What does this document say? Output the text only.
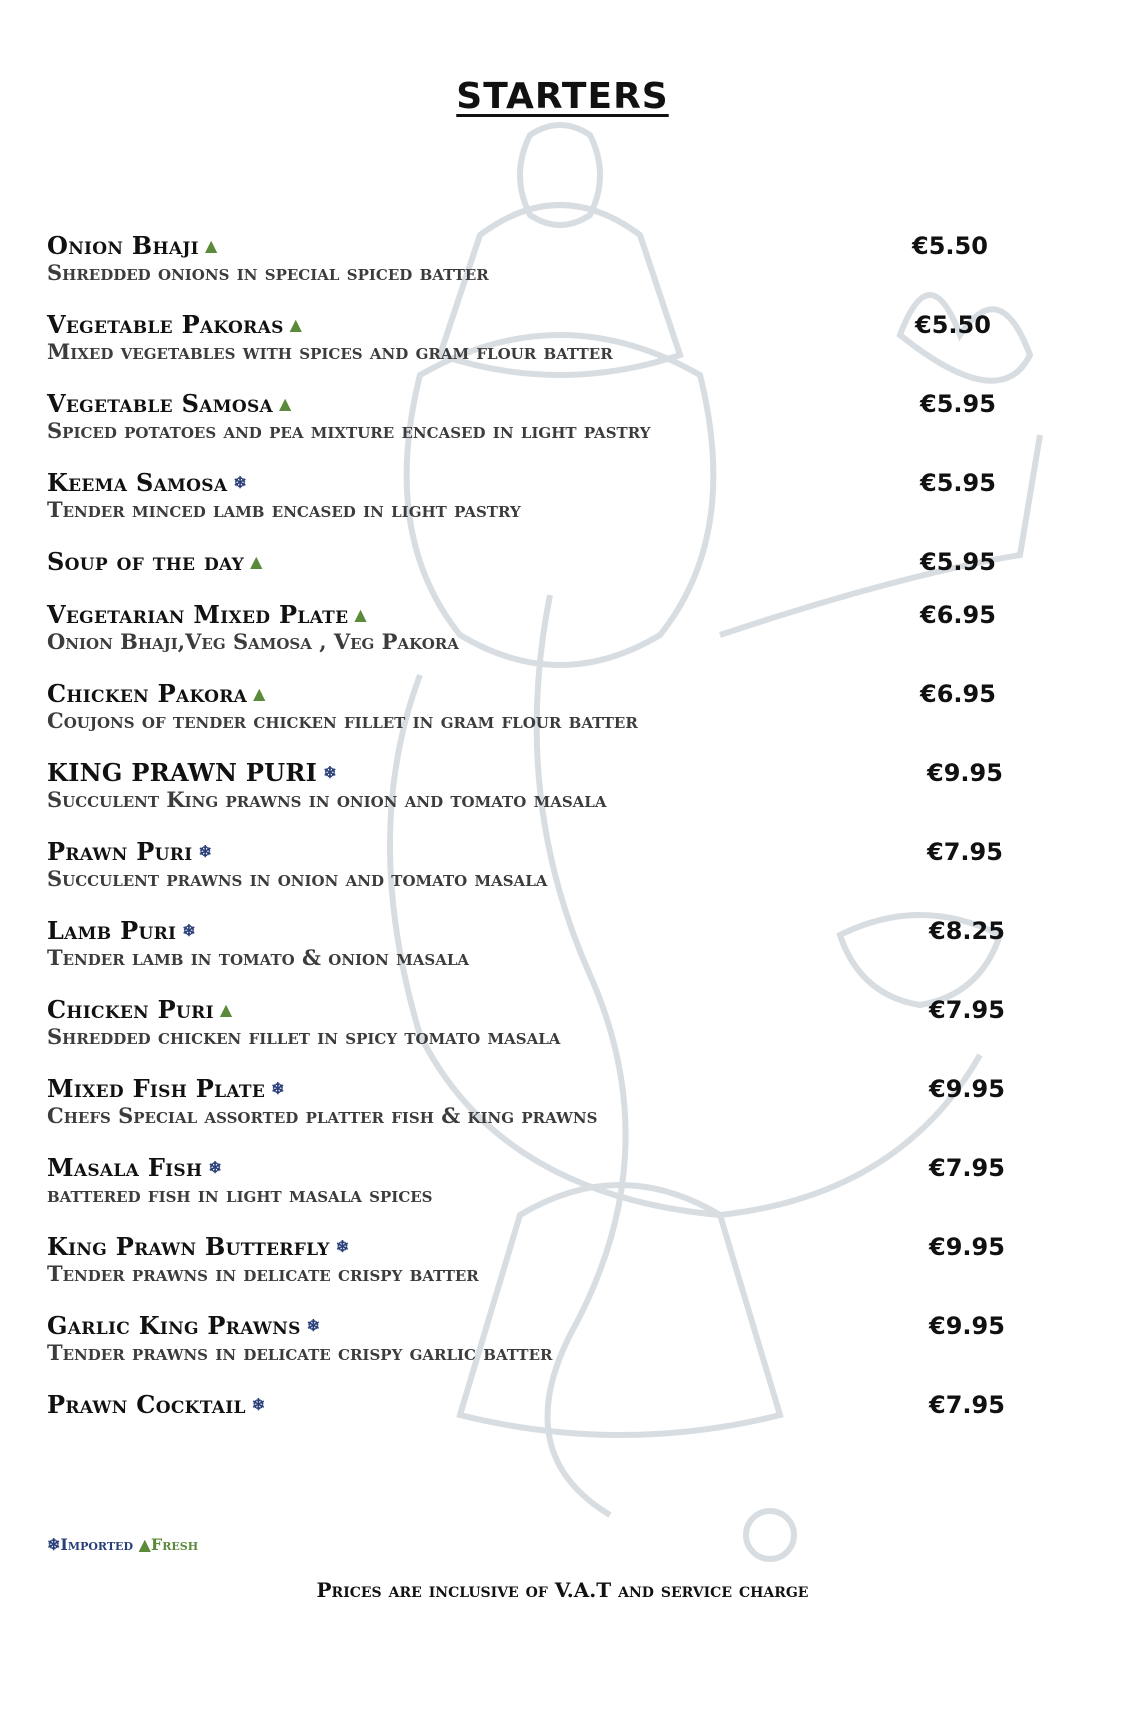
STARTERS
Onion Bhaji ▲
Shredded onions in special spiced batter
€5.50
Vegetable Pakoras ▲
Mixed vegetables with spices and gram flour batter
€5.50
Vegetable Samosa ▲
Spiced potatoes and pea mixture encased in light pastry
€5.95
Keema Samosa ❄
Tender minced lamb encased in light pastry
€5.95
Soup of the day ▲	€5.95
Vegetarian Mixed Plate ▲
Onion Bhaji,Veg Samosa , Veg Pakora
€6.95
Chicken Pakora ▲
Coujons of tender chicken fillet in gram flour batter
€6.95
KING PRAWN PURI ❄
Succulent King prawns in onion and tomato masala
€9.95
Prawn Puri ❄
Succulent prawns in onion and tomato masala
€7.95
Lamb Puri ❄
Tender lamb in tomato & onion masala
€8.25
Chicken Puri ▲
Shredded chicken fillet in spicy tomato masala
€7.95
Mixed Fish Plate ❄
Chefs Special assorted platter fish & king prawns
€9.95
Masala Fish ❄
battered fish in light masala spices
€7.95
King Prawn Butterfly ❄
Tender prawns in delicate crispy batter
€9.95
Garlic King Prawns ❄
Tender prawns in delicate crispy garlic batter
€9.95
Prawn Cocktail ❄	€7.95
❄Imported ▲Fresh
Prices are inclusive of V.A.T and service charge
